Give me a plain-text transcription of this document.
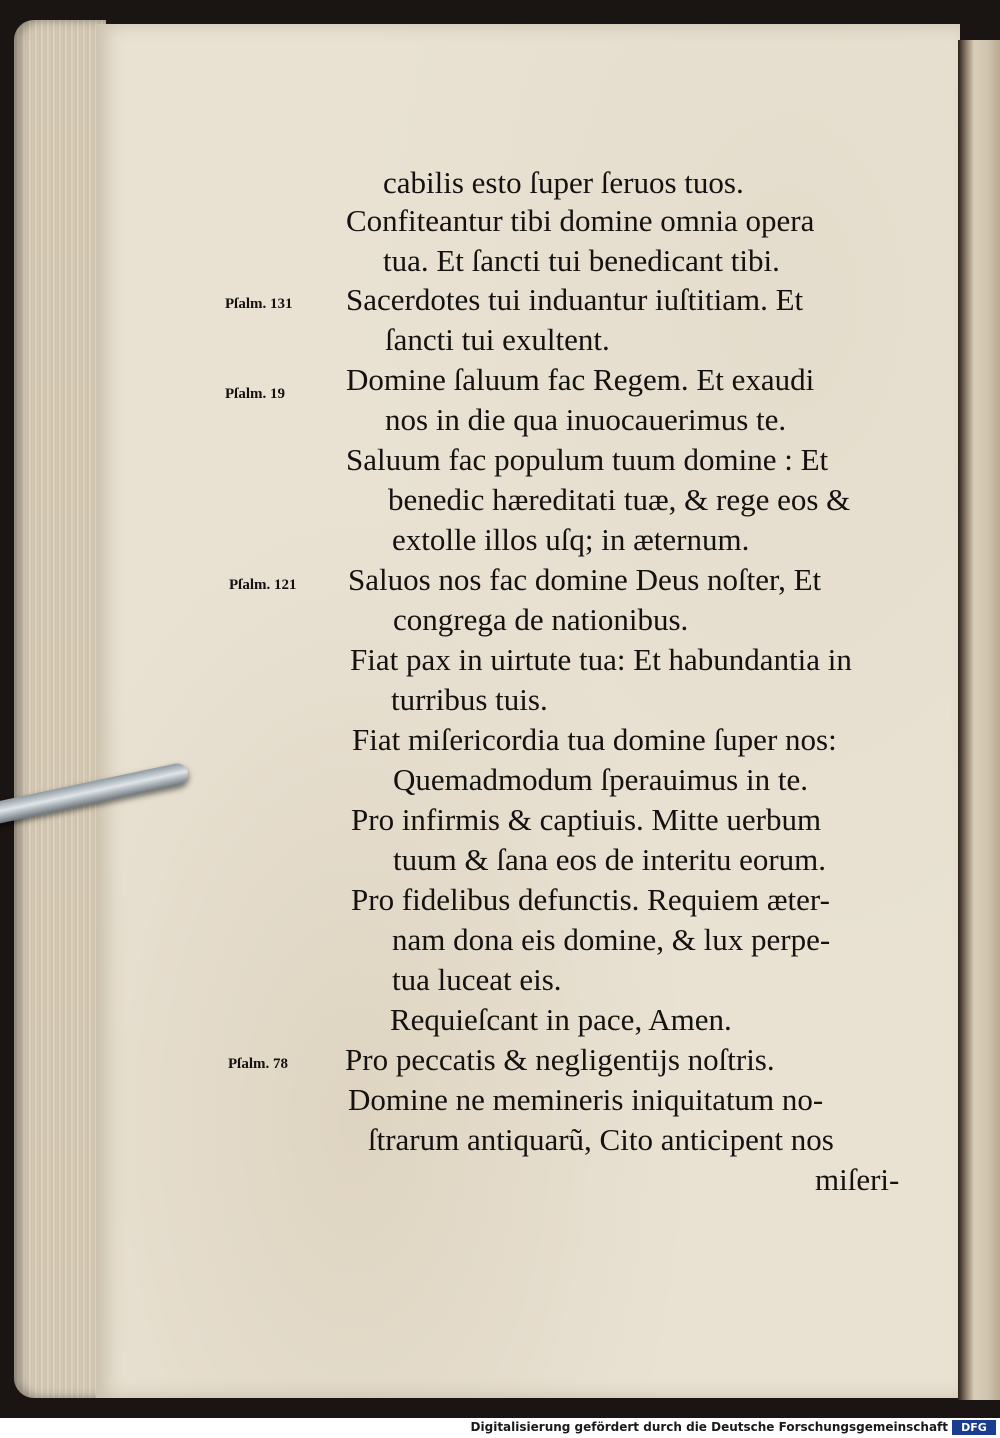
cabilis esto ſuper ſeruos tuos.
Confiteantur tibi domine omnia opera
tua. Et ſancti tui benedicant tibi.
Sacerdotes tui induantur iuſtitiam. Et
ſancti tui exultent.
Domine ſaluum fac Regem. Et exaudi
nos in die qua inuocauerimus te.
Saluum fac populum tuum domine : Et
benedic hæreditati tuæ, & rege eos &
extolle illos uſq; in æternum.
Saluos nos fac domine Deus noſter, Et
congrega de nationibus.
Fiat pax in uirtute tua: Et habundantia in
turribus tuis.
Fiat miſericordia tua domine ſuper nos:
Quemadmodum ſperauimus in te.
Pro infirmis & captiuis. Mitte uerbum
tuum & ſana eos de interitu eorum.
Pro fidelibus defunctis. Requiem æter-
nam dona eis domine, & lux perpe-
tua luceat eis.
Requieſcant in pace, Amen.
Pro peccatis & negligentijs noſtris.
Domine ne memineris iniquitatum no-
ſtrarum antiquarũ, Cito anticipent nos
miſeri-
Pſalm. 131
Pſalm. 19
Pſalm. 121
Pſalm. 78
Digitalisierung gefördert durch die Deutsche Forschungsgemeinschaft	DFG
